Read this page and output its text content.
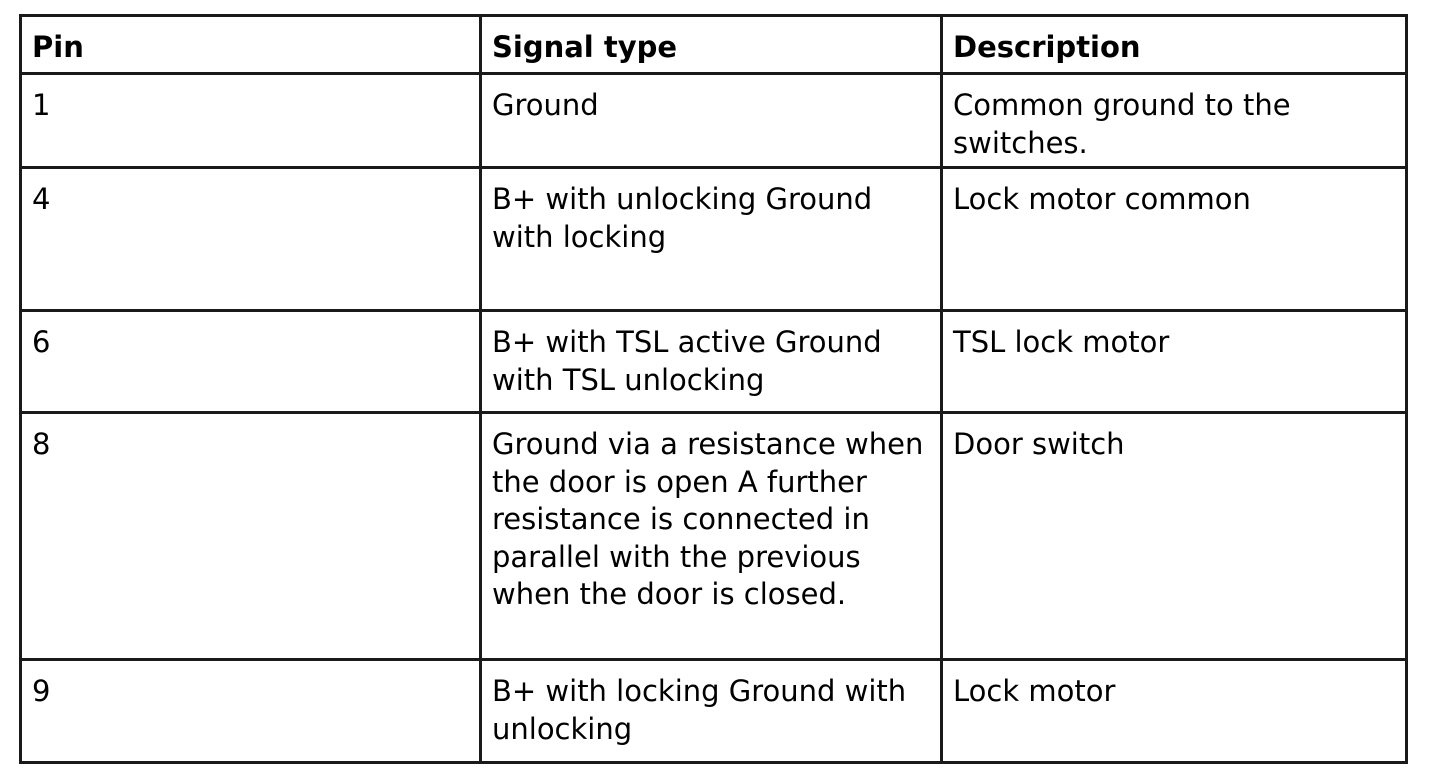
Pin	Signal type	Description
1	Ground	Common ground to the switches.
4	B+ with unlocking Ground with locking	Lock motor common
6	B+ with TSL active Ground with TSL unlocking	TSL lock motor
8	Ground via a resistance when the door is open A further resistance is connected in parallel with the previous when the door is closed.	Door switch
9	B+ with locking Ground with unlocking	Lock motor
